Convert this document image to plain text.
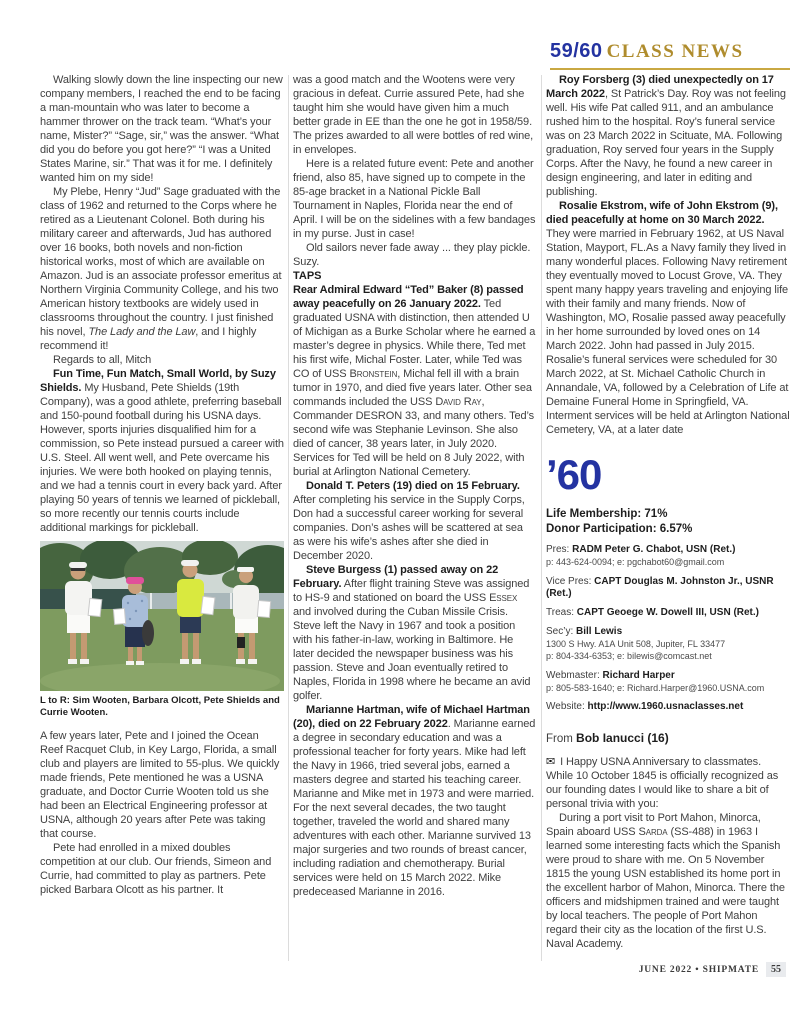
59/60 CLASS NEWS

Walking slowly down the line inspecting our new company members, I reached the end to be facing a man-mountain who was later to become a hammer thrower on the track team. “What’s your name, Mister?” “Sage, sir,” was the answer. “What did you do before you got here?” “I was a United States Marine, sir.” That was it for me. I definitely wanted him on my side!

My Plebe, Henry “Jud” Sage graduated with the class of 1962 and returned to the Corps where he retired as a Lieutenant Colonel. Both during his military career and afterwards, Jud has authored over 16 books, both novels and non-fiction historical works, most of which are available on Amazon. Jud is an associate professor emeritus at Northern Virginia Community College, and his two American history textbooks are widely used in classrooms throughout the country. I just finished his novel, The Lady and the Law, and I highly recommend it!

Regards to all, Mitch

Fun Time, Fun Match, Small World, by Suzy Shields. My Husband, Pete Shields (19th Company), was a good athlete, preferring baseball and 150-pound football during his USNA days. However, sports injuries disqualified him for a commission, so Pete instead pursued a career with U.S. Steel. All went well, and Pete overcame his injuries. We were both hooked on playing tennis, and we had a tennis court in every back yard. After playing 50 years of tennis we learned of pickleball, so more recently our tennis courts include additional markings for pickleball.

L to R: Sim Wooten, Barbara Olcott, Pete Shields and Currie Wooten.

A few years later, Pete and I joined the Ocean Reef Racquet Club, in Key Largo, Florida, a small club and players are limited to 55-plus. We quickly made friends, Pete mentioned he was a USNA graduate, and Doctor Currie Wooten told us she had been an Electrical Engineering professor at USNA, although 20 years after Pete was taking that course.

Pete had enrolled in a mixed doubles competition at our club. Our friends, Simeon and Currie, had committed to play as partners. Pete picked Barbara Olcott as his partner. It

was a good match and the Wootens were very gracious in defeat. Currie assured Pete, had she taught him she would have given him a much better grade in EE than the one he got in 1958/59. The prizes awarded to all were bottles of red wine, in envelopes.

Here is a related future event: Pete and another friend, also 85, have signed up to compete in the 85-age bracket in a National Pickle Ball Tournament in Naples, Florida near the end of April. I will be on the sidelines with a few bandages in my purse. Just in case!

Old sailors never fade away ... they play pickle. Suzy.

TAPS

Rear Admiral Edward “Ted” Baker (8) passed away peacefully on 26 January 2022. Ted graduated USNA with distinction, then attended U of Michigan as a Burke Scholar where he earned a master’s degree in physics. While there, Ted met his first wife, Michal Foster. Later, while Ted was CO of USS Bronstein, Michal fell ill with a brain tumor in 1970, and died five years later. Other sea commands included the USS David Ray, Commander DESRON 33, and many others. Ted’s second wife was Stephanie Levinson. She also died of cancer, 38 years later, in July 2020. Services for Ted will be held on 8 July 2022, with burial at Arlington National Cemetery.

Donald T. Peters (19) died on 15 February. After completing his service in the Supply Corps, Don had a successful career working for several companies. Don’s ashes will be scattered at sea as were his wife’s ashes after she died in December 2020.

Steve Burgess (1) passed away on 22 February. After flight training Steve was assigned to HS-9 and stationed on board the USS Essex and involved during the Cuban Missile Crisis. Steve left the Navy in 1967 and took a position with his father-in-law, working in Baltimore. He later decided the newspaper business was his passion. Steve and Joan eventually retired to Naples, Florida in 1998 where he became an avid golfer.

Marianne Hartman, wife of Michael Hartman (20), died on 22 February 2022. Marianne earned a degree in secondary education and was a professional teacher for forty years. Mike had left the Navy in 1966, tried several jobs, earned a masters degree and started his teaching career. Marianne and Mike met in 1973 and were married. For the next several decades, the two taught together, traveled the world and shared many adventures with each other. Marianne survived 13 major surgeries and two rounds of breast cancer, including radiation and chemotherapy. Burial services were held on 15 March 2022. Mike predeceased Marianne in 2016.

Roy Forsberg (3) died unexpectedly on 17 March 2022, St Patrick’s Day. Roy was not feeling well. His wife Pat called 911, and an ambulance rushed him to the hospital. Roy’s funeral service was on 23 March 2022 in Scituate, MA. Following graduation, Roy served four years in the Supply Corps. After the Navy, he found a new career in design engineering, and later in editing and publishing.

Rosalie Ekstrom, wife of John Ekstrom (9), died peacefully at home on 30 March 2022. They were married in February 1962, at US Naval Station, Mayport, FL.As a Navy family they lived in many wonderful places. Following Navy retirement they eventually moved to Locust Grove, VA. They spent many happy years traveling and enjoying life with their family and many friends. Now of Washington, MO, Rosalie passed away peacefully in her home surrounded by loved ones on 14 March 2022. John had passed in July 2015. Rosalie’s funeral services were scheduled for 30 March 2022, at St. Michael Catholic Church in Annandale, VA, followed by a Celebration of Life at Demaine Funeral Home in Springfield, VA. Interment services will be held at Arlington National Cemetery, VA, at a later date

’60
Life Membership: 71%
Donor Participation: 6.57%
Pres: RADM Peter G. Chabot, USN (Ret.)
p: 443-624-0094; e: pgchabot60@gmail.com
Vice Pres: CAPT Douglas M. Johnston Jr., USNR (Ret.)
Treas: CAPT Geoege W. Dowell III, USN (Ret.)
Sec’y: Bill Lewis
1300 S Hwy. A1A Unit 508, Jupiter, FL 33477
p: 804-334-6353; e: bilewis@comcast.net
Webmaster: Richard Harper
p: 805-583-1640; e: Richard.Harper@1960.USNA.com
Website: http://www.1960.usnaclasses.net
From Bob Ianucci (16)

✉ I Happy USNA Anniversary to classmates. While 10 October 1845 is officially recognized as our founding dates I would like to share a bit of personal trivia with you:

During a port visit to Port Mahon, Minorca, Spain aboard USS Sarda (SS-488) in 1963 I learned some interesting facts which the Spanish were proud to share with me. On 5 November 1815 the young USN established its home port in the excellent harbor of Mahon, Minorca. There the officers and midshipmen trained and were taught by local teachers. The people of Port Mahon regard their city as the location of the first U.S. Naval Academy.

JUNE 2022 • SHIPMATE	55
